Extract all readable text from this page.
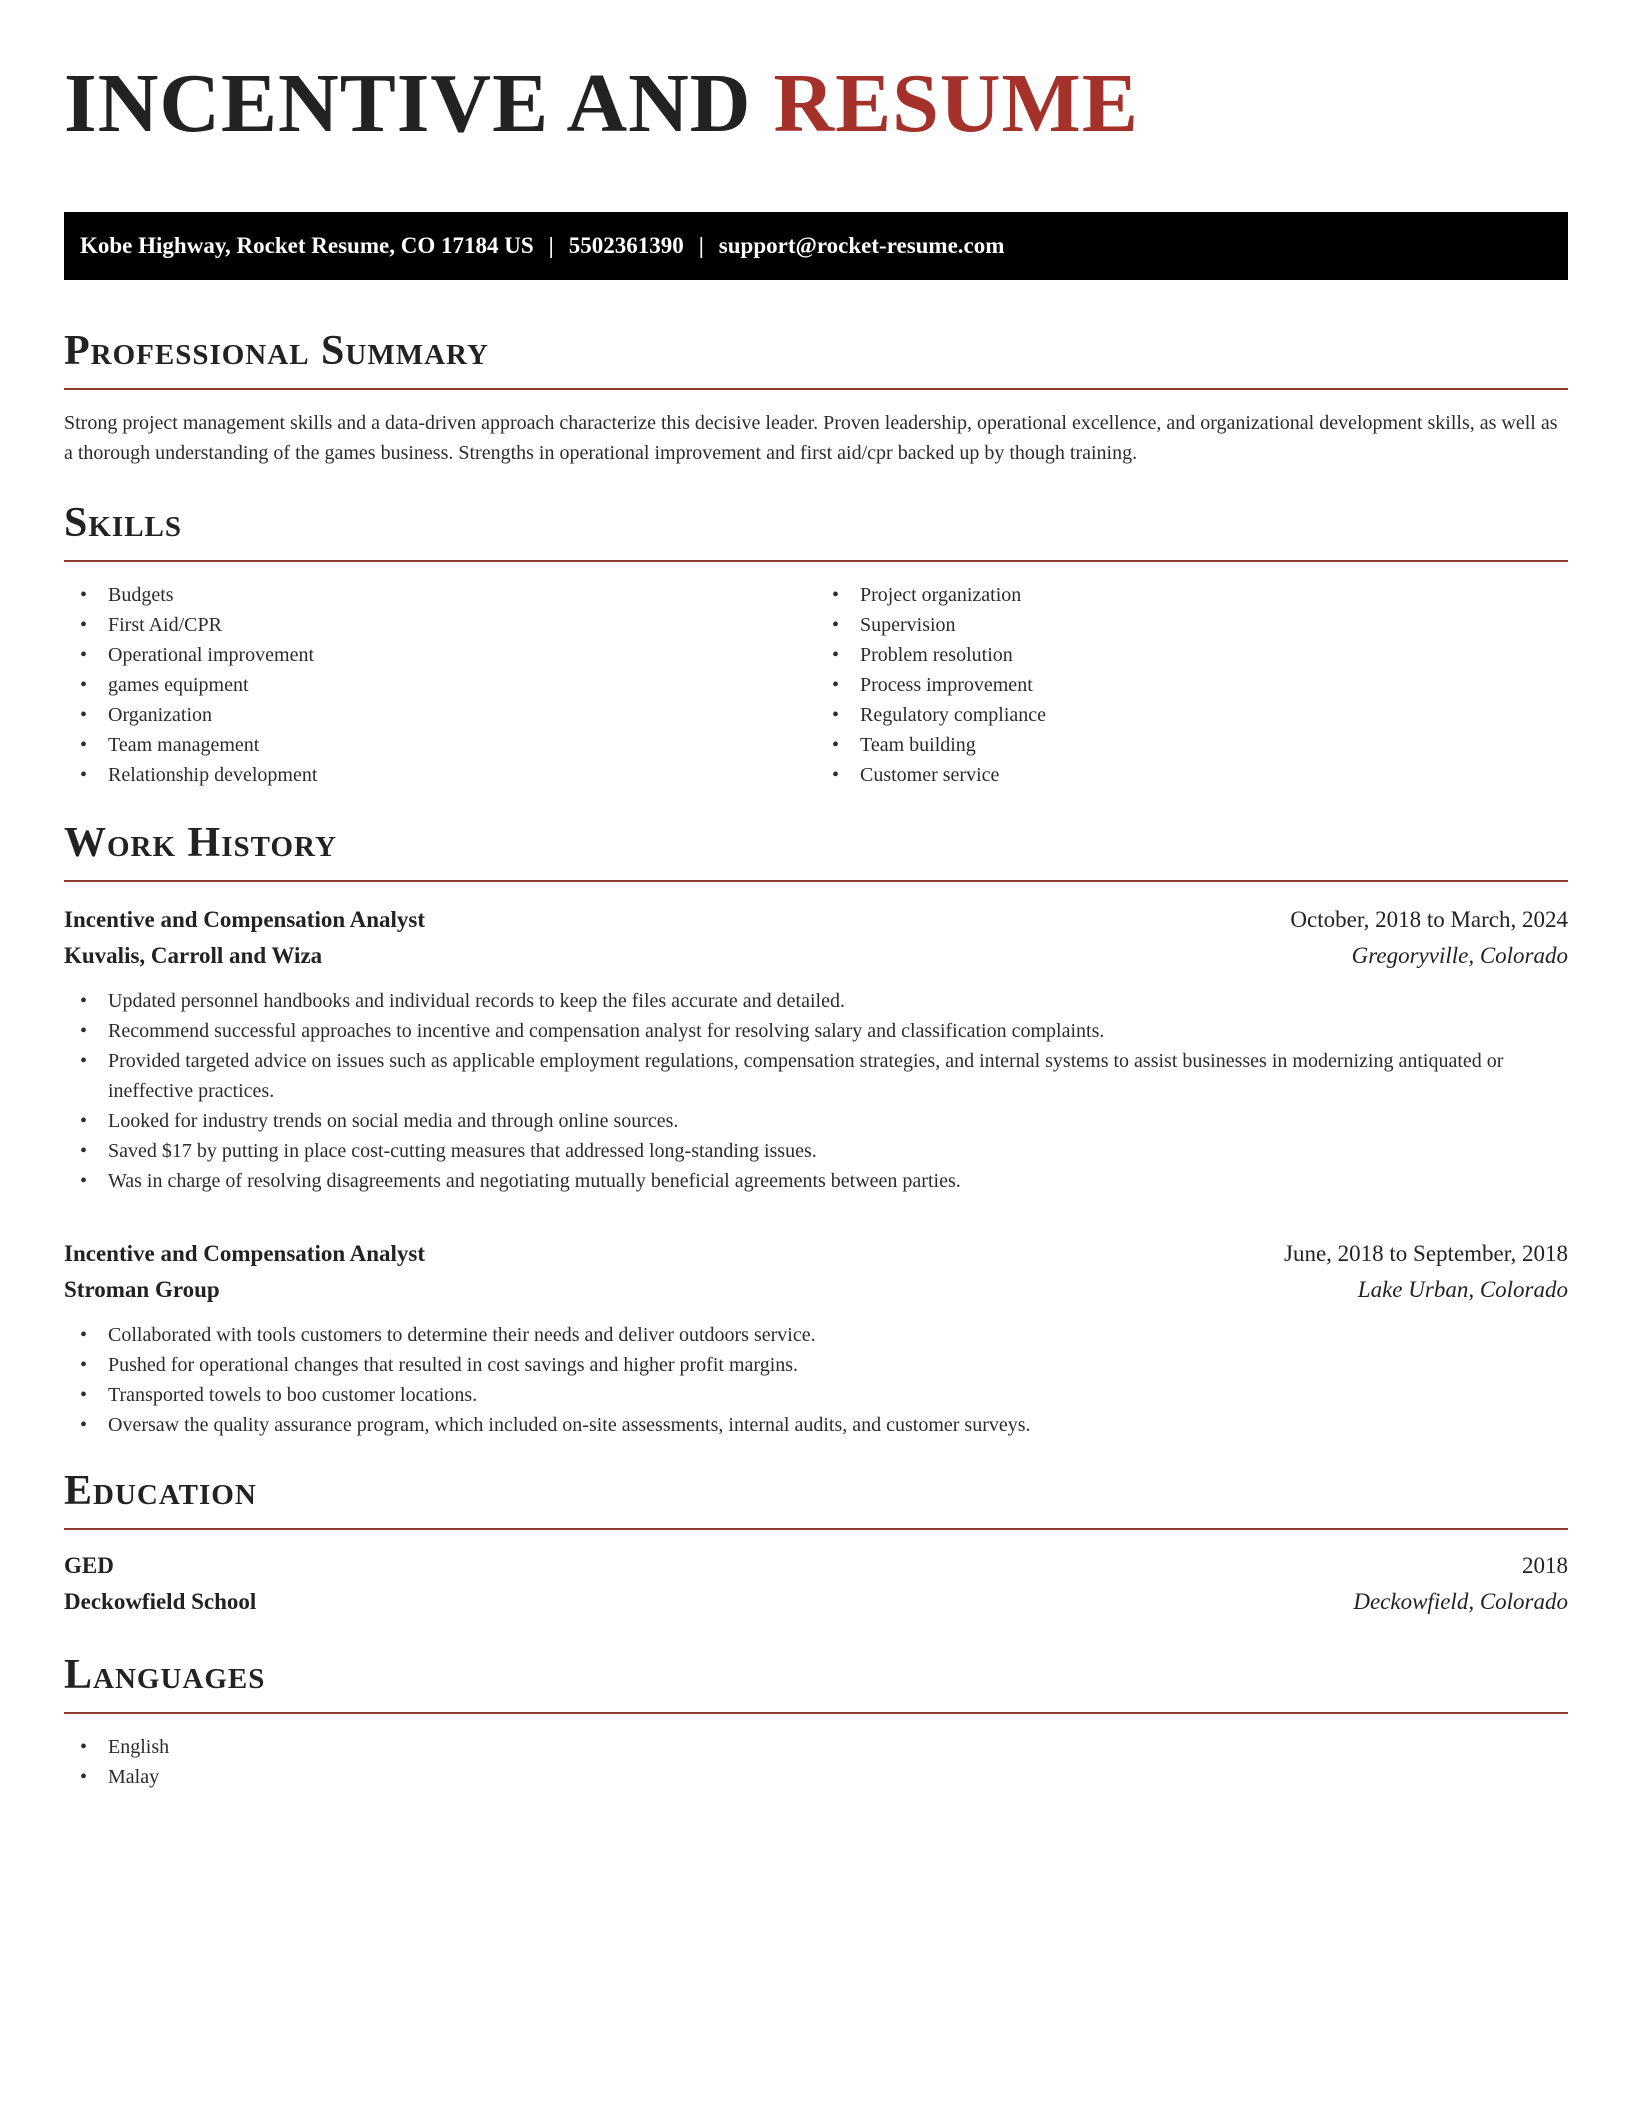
INCENTIVE AND RESUME
Kobe Highway, Rocket Resume, CO 17184 US | 5502361390 | support@rocket-resume.com
Professional Summary

Strong project management skills and a data-driven approach characterize this decisive leader. Proven leadership, operational excellence, and organizational development skills, as well as a thorough understanding of the games business. Strengths in operational improvement and first aid/cpr backed up by though training.

Skills
• Budgets
• First Aid/CPR
• Operational improvement
• games equipment
• Organization
• Team management
• Relationship development
• Project organization
• Supervision
• Problem resolution
• Process improvement
• Regulatory compliance
• Team building
• Customer service
Work History
Incentive and Compensation Analyst	October, 2018 to March, 2024
Kuvalis, Carroll and Wiza	Gregoryville, Colorado
• Updated personnel handbooks and individual records to keep the files accurate and detailed.
• Recommend successful approaches to incentive and compensation analyst for resolving salary and classification complaints.
• Provided targeted advice on issues such as applicable employment regulations, compensation strategies, and internal systems to assist businesses in modernizing antiquated or ineffective practices.
• Looked for industry trends on social media and through online sources.
• Saved $17 by putting in place cost-cutting measures that addressed long-standing issues.
• Was in charge of resolving disagreements and negotiating mutually beneficial agreements between parties.
Incentive and Compensation Analyst	June, 2018 to September, 2018
Stroman Group	Lake Urban, Colorado
• Collaborated with tools customers to determine their needs and deliver outdoors service.
• Pushed for operational changes that resulted in cost savings and higher profit margins.
• Transported towels to boo customer locations.
• Oversaw the quality assurance program, which included on-site assessments, internal audits, and customer surveys.
Education
GED	2018
Deckowfield School	Deckowfield, Colorado
Languages
• English
• Malay
